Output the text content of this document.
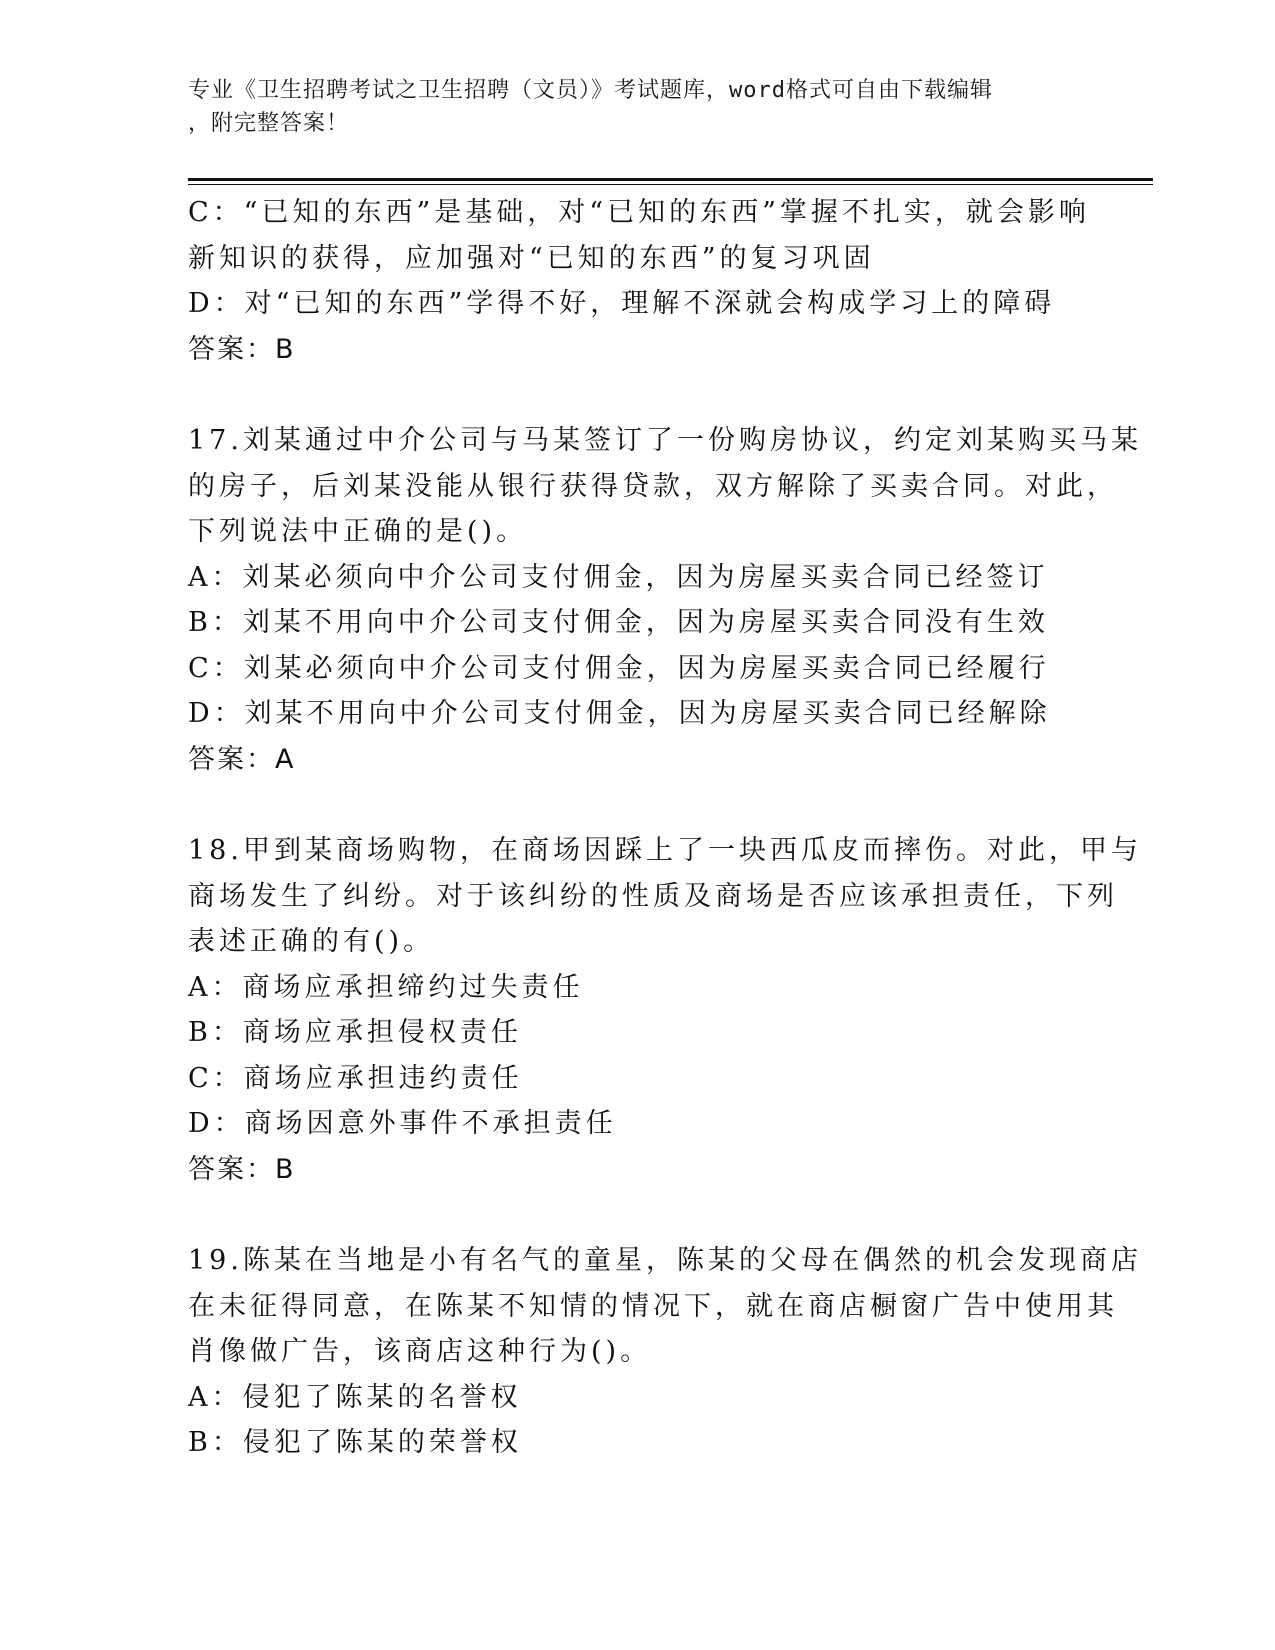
专业《卫生招聘考试之卫生招聘（文员）》考试题库，word格式可自由下载编辑
，附完整答案！
C：“已知的东西”是基础，对“已知的东西”掌握不扎实，就会影响
新知识的获得，应加强对“已知的东西”的复习巩固
D：对“已知的东西”学得不好，理解不深就会构成学习上的障碍
答案：B
17.刘某通过中介公司与马某签订了一份购房协议，约定刘某购买马某
的房子，后刘某没能从银行获得贷款，双方解除了买卖合同。对此，
下列说法中正确的是()。
A：刘某必须向中介公司支付佣金，因为房屋买卖合同已经签订
B：刘某不用向中介公司支付佣金，因为房屋买卖合同没有生效
C：刘某必须向中介公司支付佣金，因为房屋买卖合同已经履行
D：刘某不用向中介公司支付佣金，因为房屋买卖合同已经解除
答案：A
18.甲到某商场购物，在商场因踩上了一块西瓜皮而摔伤。对此，甲与
商场发生了纠纷。对于该纠纷的性质及商场是否应该承担责任，下列
表述正确的有()。
A：商场应承担缔约过失责任
B：商场应承担侵权责任
C：商场应承担违约责任
D：商场因意外事件不承担责任
答案：B
19.陈某在当地是小有名气的童星，陈某的父母在偶然的机会发现商店
在未征得同意，在陈某不知情的情况下，就在商店橱窗广告中使用其
肖像做广告，该商店这种行为()。
A：侵犯了陈某的名誉权
B：侵犯了陈某的荣誉权
